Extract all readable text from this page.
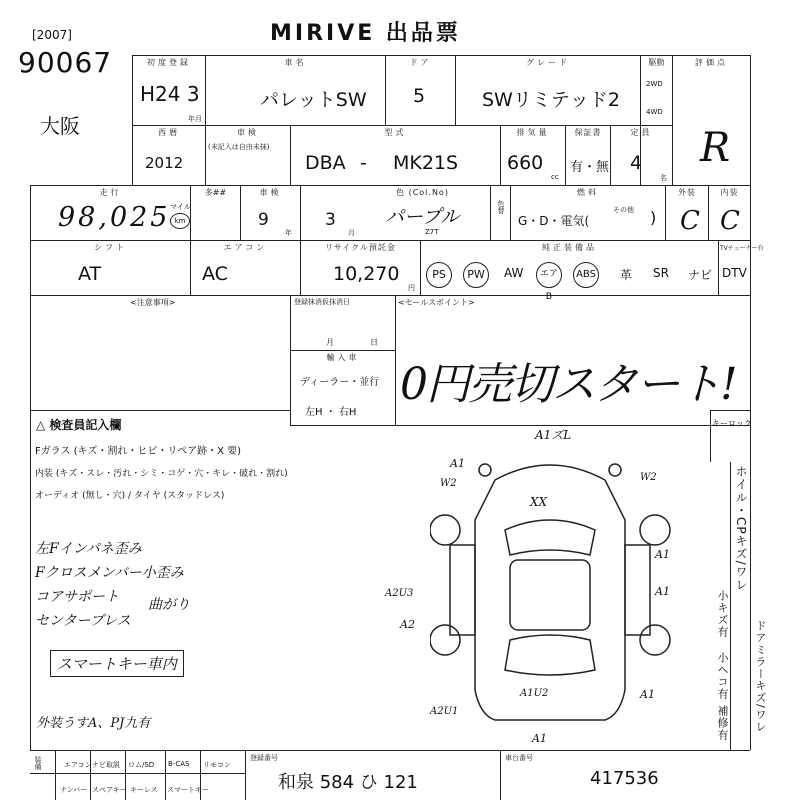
[2007]
90067
大阪
MIRIVE 出品票
初度登録
H24 3
年月
車名
パレットSW
ドア
5
グレード
SWリミテッド2
駆動
2WD
4WD
評価点
R
西暦
2012
車検
(未記入は自由未抹)
型式
DBA - MK21S
排気量
660
cc
保証書
有・無
定員
4
名
走行
98,025 マイル
km
多##	車検
9
年
3
月
色 (Col.No)
パープル
Z7T
色替
燃料
G・D・電気(
その他 )
外装
C
内装
C
シフト
AT
エアコン
AC
リサイクル預託金
10,270
円
純正装備品	TVチューナー有
PS	PW	AW	エアB
ABS 革 SR ナビ DTV
<注意事項>	登録抹消仮抹消日
月	日
輸入車
ディーラー・並行
左H ・ 右H
<セールスポイント>
0円売切スタート!
△ 検査員記入欄
Fガラス (キズ・割れ・ヒビ・リペア跡・X 要)
内装 (キズ・スレ・汚れ・シミ・コゲ・穴・キレ・破れ・割れ)
オーディオ (無し・穴) / タイヤ (スタッドレス)
左Fインパネ歪み
Fクロスメンバー小歪み
コアサポート
センターブレス
曲がり
スマートキー車内
外装うすA、PJ九有
キーロック
A1ズL
A1
W2
XX
W2
A1
A1
A2U3
A2
A1U2	A1
A2U1
A1
ホイル・CPキズ/ワレ
ドアミラーキズ/ワレ
小キズ有
小ヘコ有
補修有
装備	エアコン ナビ取説 ロム/SD B-CAS リモコン
ナンバー スペアキー キーレス スマートキー
登録番号
和泉 584 ひ 121
車台番号
417536
